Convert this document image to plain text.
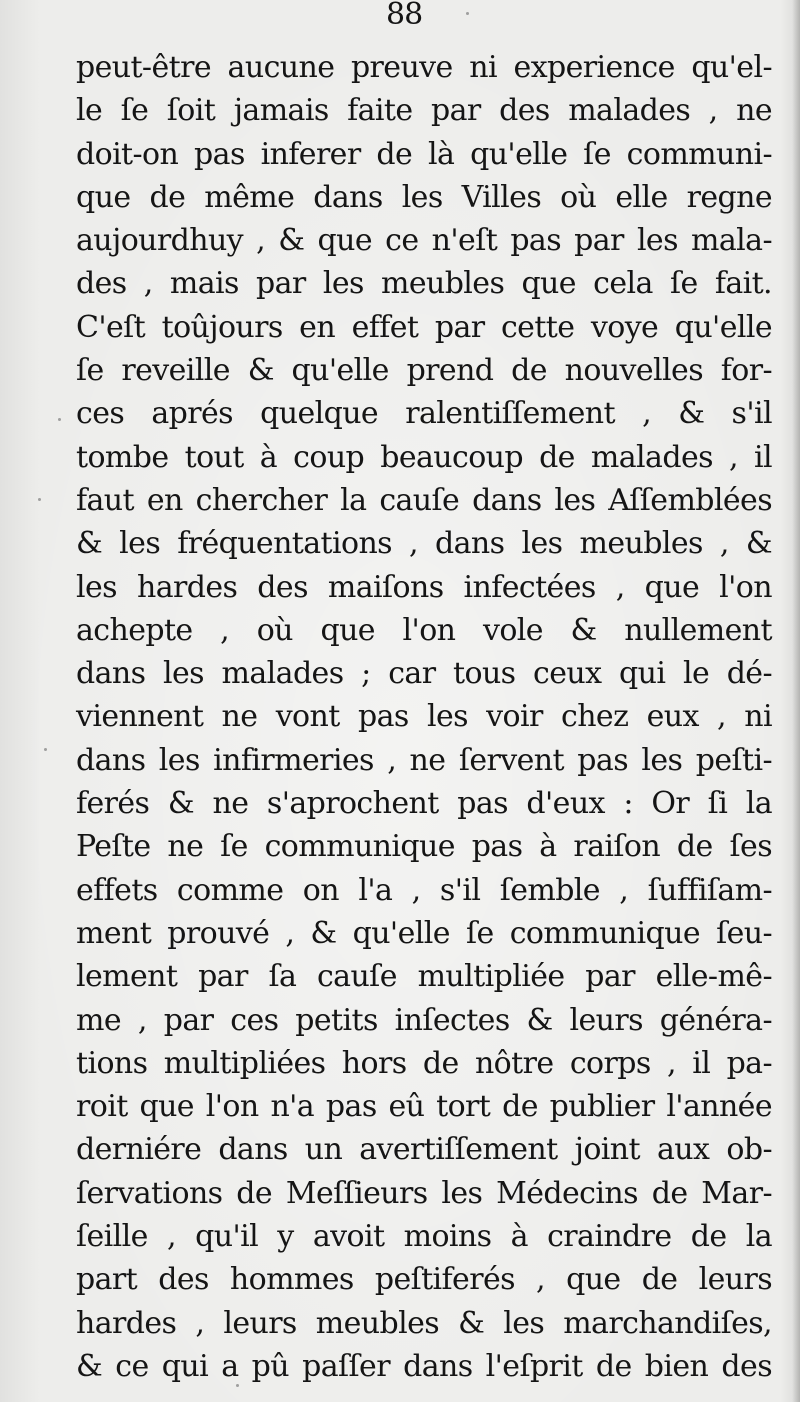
88
peut-être aucune preuve ni experience qu'el-
le ſe ſoit jamais faite par des malades , ne
doit-on pas inferer de là qu'elle ſe communi-
que de même dans les Villes où elle regne
aujourdhuy , & que ce n'eſt pas par les mala-
des , mais par les meubles que cela ſe fait.
C'eſt toûjours en effet par cette voye qu'elle
ſe reveille & qu'elle prend de nouvelles for-
ces aprés quelque ralentiſſement , & s'il
tombe tout à coup beaucoup de malades , il
faut en chercher la cauſe dans les Aſſemblées
& les fréquentations , dans les meubles , &
les hardes des maiſons infectées , que l'on
achepte , où que l'on vole & nullement
dans les malades ; car tous ceux qui le dé-
viennent ne vont pas les voir chez eux , ni
dans les infirmeries , ne ſervent pas les peſti-
ferés & ne s'aprochent pas d'eux : Or ſi la
Peſte ne ſe communique pas à raiſon de ſes
effets comme on l'a , s'il ſemble , ſuffiſam-
ment prouvé , & qu'elle ſe communique ſeu-
lement par ſa cauſe multipliée par elle-mê-
me , par ces petits inſectes & leurs généra-
tions multipliées hors de nôtre corps , il pa-
roit que l'on n'a pas eû tort de publier l'année
derniére dans un avertiſſement joint aux ob-
ſervations de Meſſieurs les Médecins de Mar-
ſeille , qu'il y avoit moins à craindre de la
part des hommes peſtiferés , que de leurs
hardes , leurs meubles & les marchandiſes,
& ce qui a pû paſſer dans l'eſprit de bien des
